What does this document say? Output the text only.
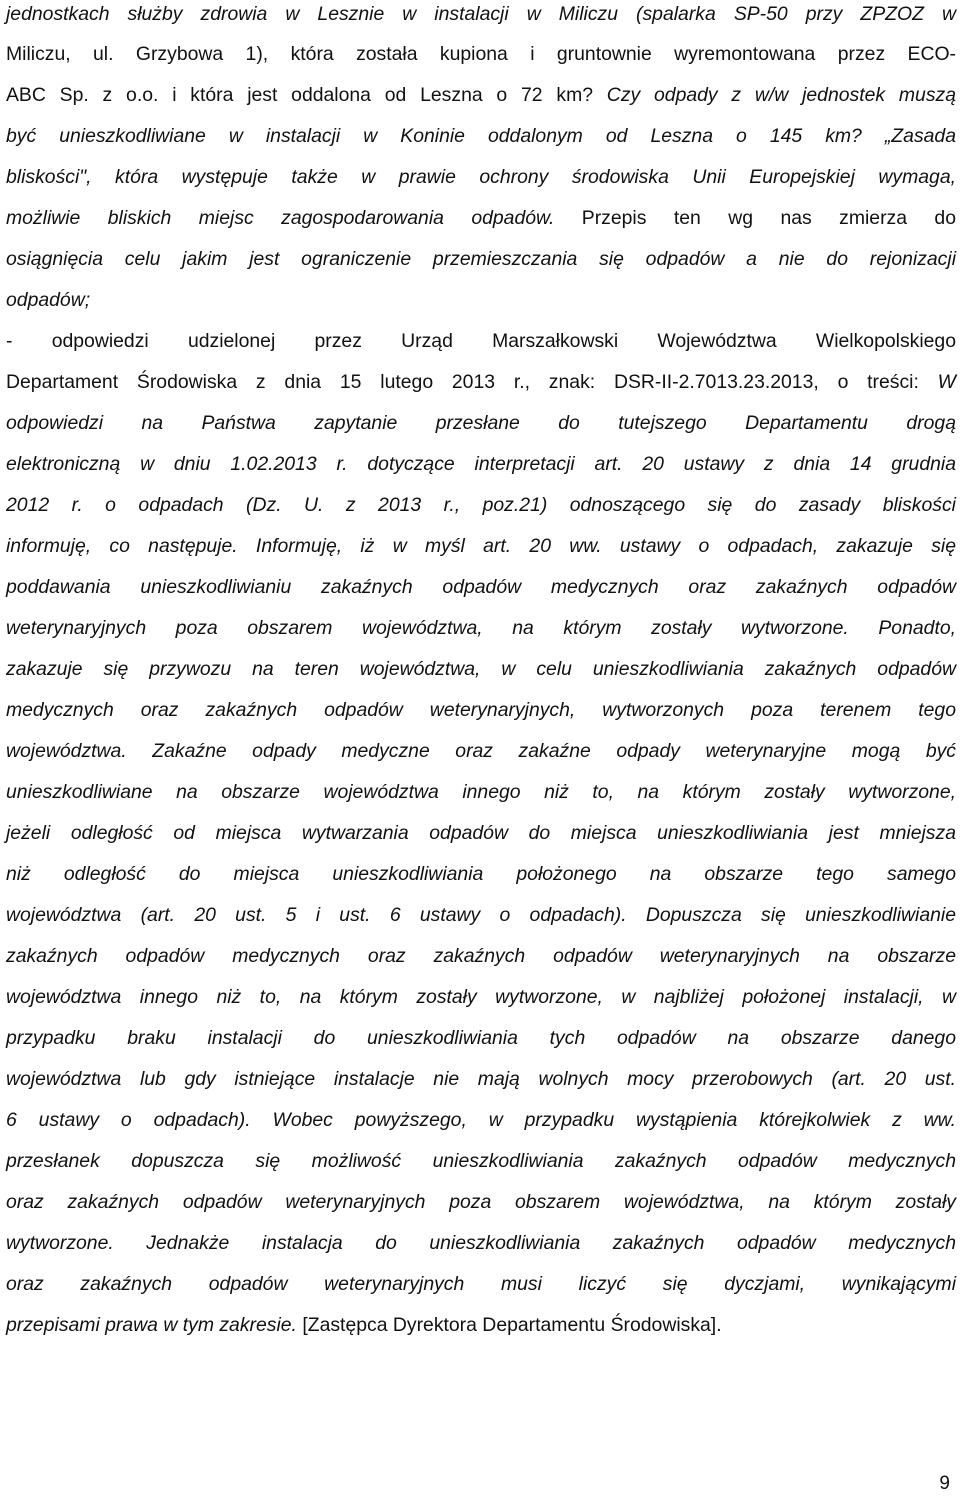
jednostkach służby zdrowia w Lesznie w instalacji w Miliczu (spalarka SP-50 przy ZPZOZ w
Miliczu, ul. Grzybowa 1), która została kupiona i gruntownie wyremontowana przez ECO-
ABC Sp. z o.o. i która jest oddalona od Leszna o 72 km? Czy odpady z w/w jednostek muszą
być unieszkodliwiane w instalacji w Koninie oddalonym od Leszna o 145 km? „Zasada
bliskości", która występuje także w prawie ochrony środowiska Unii Europejskiej wymaga,
możliwie bliskich miejsc zagospodarowania odpadów. Przepis ten wg nas zmierza do
osiągnięcia celu jakim jest ograniczenie przemieszczania się odpadów a nie do rejonizacji
odpadów;
- odpowiedzi udzielonej przez Urząd Marszałkowski Województwa Wielkopolskiego
Departament Środowiska z dnia 15 lutego 2013 r., znak: DSR-II-2.7013.23.2013, o treści: W
odpowiedzi na Państwa zapytanie przesłane do tutejszego Departamentu drogą
elektroniczną w dniu 1.02.2013 r. dotyczące interpretacji art. 20 ustawy z dnia 14 grudnia
2012 r. o odpadach (Dz. U. z 2013 r., poz.21) odnoszącego się do zasady bliskości
informuję, co następuje. Informuję, iż w myśl art. 20 ww. ustawy o odpadach, zakazuje się
poddawania unieszkodliwianiu zakaźnych odpadów medycznych oraz zakaźnych odpadów
weterynaryjnych poza obszarem województwa, na którym zostały wytworzone. Ponadto,
zakazuje się przywozu na teren województwa, w celu unieszkodliwiania zakaźnych odpadów
medycznych oraz zakaźnych odpadów weterynaryjnych, wytworzonych poza terenem tego
województwa. Zakaźne odpady medyczne oraz zakaźne odpady weterynaryjne mogą być
unieszkodliwiane na obszarze województwa innego niż to, na którym zostały wytworzone,
jeżeli odległość od miejsca wytwarzania odpadów do miejsca unieszkodliwiania jest mniejsza
niż odległość do miejsca unieszkodliwiania położonego na obszarze tego samego
województwa (art. 20 ust. 5 i ust. 6 ustawy o odpadach). Dopuszcza się unieszkodliwianie
zakaźnych odpadów medycznych oraz zakaźnych odpadów weterynaryjnych na obszarze
województwa innego niż to, na którym zostały wytworzone, w najbliżej położonej instalacji, w
przypadku braku instalacji do unieszkodliwiania tych odpadów na obszarze danego
województwa lub gdy istniejące instalacje nie mają wolnych mocy przerobowych (art. 20 ust.
6 ustawy o odpadach). Wobec powyższego, w przypadku wystąpienia którejkolwiek z ww.
przesłanek dopuszcza się możliwość unieszkodliwiania zakaźnych odpadów medycznych
oraz zakaźnych odpadów weterynaryjnych poza obszarem województwa, na którym zostały
wytworzone. Jednakże instalacja do unieszkodliwiania zakaźnych odpadów medycznych
oraz zakaźnych odpadów weterynaryjnych musi liczyć się dyczjami, wynikającymi
przepisami prawa w tym zakresie. [Zastępca Dyrektora Departamentu Środowiska].
9
